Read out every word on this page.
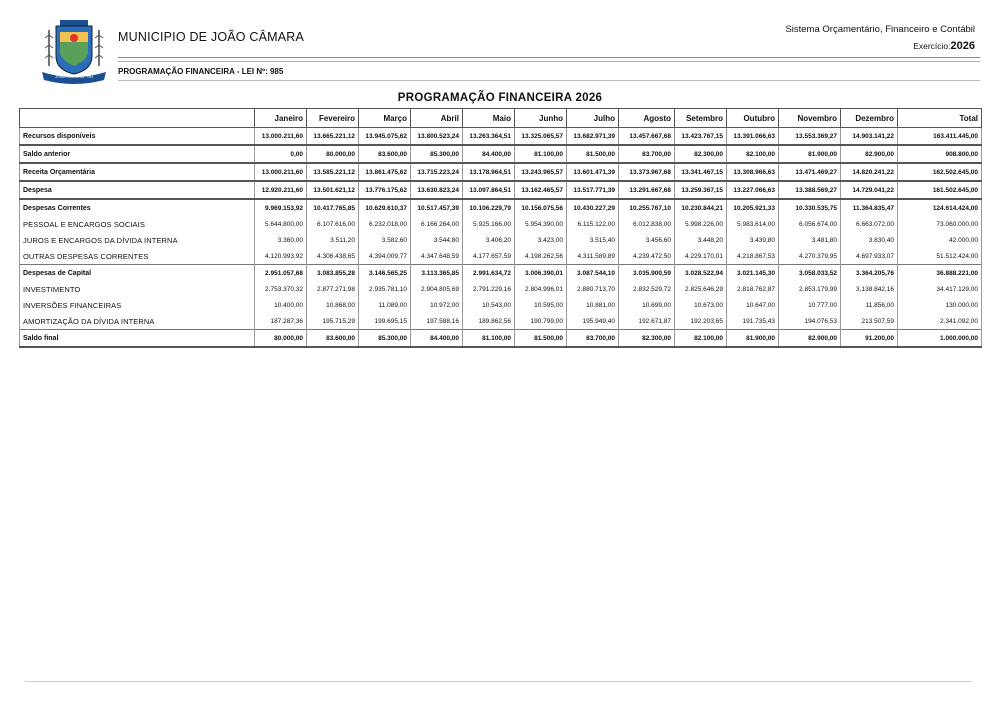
JOÃO CÂMARA · RN
MUNICIPIO DE JOÃO CÂMARA
Sistema Orçamentário, Financeiro e Contábil
Exercício:2026
PROGRAMAÇÃO FINANCEIRA - LEI Nº: 985
PROGRAMAÇÃO FINANCEIRA 2026
	Janeiro	Fevereiro	Março	Abril	Maio	Junho	Julho	Agosto	Setembro	Outubro	Novembro	Dezembro	Total
Recursos disponíveis	13.000.211,60	13.665.221,12	13.945.075,62	13.800.523,24	13.263.364,51	13.325.065,57	13.682.971,39	13.457.667,68	13.423.767,15	13.391.066,63	13.553.369,27	14.903.141,22	163.411.445,00
Saldo anterior	0,00	80.000,00	83.600,00	85.300,00	84.400,00	81.100,00	81.500,00	83.700,00	82.300,00	82.100,00	81.900,00	82.900,00	908.800,00
Receita Orçamentária	13.000.211,60	13.585.221,12	13.861.475,62	13.715.223,24	13.178.964,51	13.243.965,57	13.601.471,39	13.373.967,68	13.341.467,15	13.308.966,63	13.471.469,27	14.820.241,22	162.502.645,00
Despesa	12.920.211,60	13.501.621,12	13.776.175,62	13.630.823,24	13.097.864,51	13.162.465,57	13.517.771,39	13.291.667,68	13.259.367,15	13.227.066,63	13.388.569,27	14.729.041,22	161.502.645,00
Despesas Correntes	9.969.153,92	10.417.765,85	10.629.610,37	10.517.457,39	10.106.229,79	10.156.075,56	10.430.227,29	10.255.767,10	10.230.844,21	10.205.921,33	10.330.535,75	11.364.835,47	124.614.424,00
PESSOAL E ENCARGOS SOCIAIS	5.644.800,00	6.107.616,00	6.232.018,00	6.166.264,00	5.925.166,00	5.954.390,00	6.115.122,00	6.012.838,00	5.998.226,00	5.983.614,00	6.056.674,00	6.663.072,00	73.060.000,00
JUROS E ENCARGOS DA DÍVIDA INTERNA	3.360,00	3.511,20	3.582,60	3.544,80	3.406,20	3.423,00	3.515,40	3.456,60	3.448,20	3.439,80	3.481,80	3.830,40	42.000,00
OUTRAS DESPESAS CORRENTES	4.120.993,92	4.306.438,65	4.394.009,77	4.347.648,59	4.177.657,59	4.198.262,56	4.311.589,89	4.239.472,50	4.229.170,01	4.218.867,53	4.270.379,95	4.697.933,07	51.512.424,00
Despesas de Capital	2.951.057,68	3.083.855,28	3.146.565,25	3.113.365,85	2.991.634,72	3.006.390,01	3.087.544,10	3.035.900,59	3.028.522,94	3.021.145,30	3.058.033,52	3.364.205,76	36.888.221,00
INVESTIMENTO	2.753.370,32	2.877.271,98	2.935.781,10	2.904.805,69	2.791.229,16	2.804.996,01	2.880.713,70	2.832.529,72	2.825.646,29	2.818.762,87	2.853.179,99	3.138.842,16	34.417.129,00
INVERSÕES FINANCEIRAS	10.400,00	10.868,00	11.089,00	10.972,00	10.543,00	10.595,00	10.881,00	10.699,00	10.673,00	10.647,00	10.777,00	11.856,00	130.000,00
AMORTIZAÇÃO DA DÍVIDA INTERNA	187.287,36	195.715,29	199.695,15	197.588,16	189.862,56	190.799,00	195.949,40	192.671,87	192.203,65	191.735,43	194.076,53	213.507,59	2.341.092,00
Saldo final	80.000,00	83.600,00	85.300,00	84.400,00	81.100,00	81.500,00	83.700,00	82.300,00	82.100,00	81.900,00	82.900,00	91.200,00	1.000.000,00
